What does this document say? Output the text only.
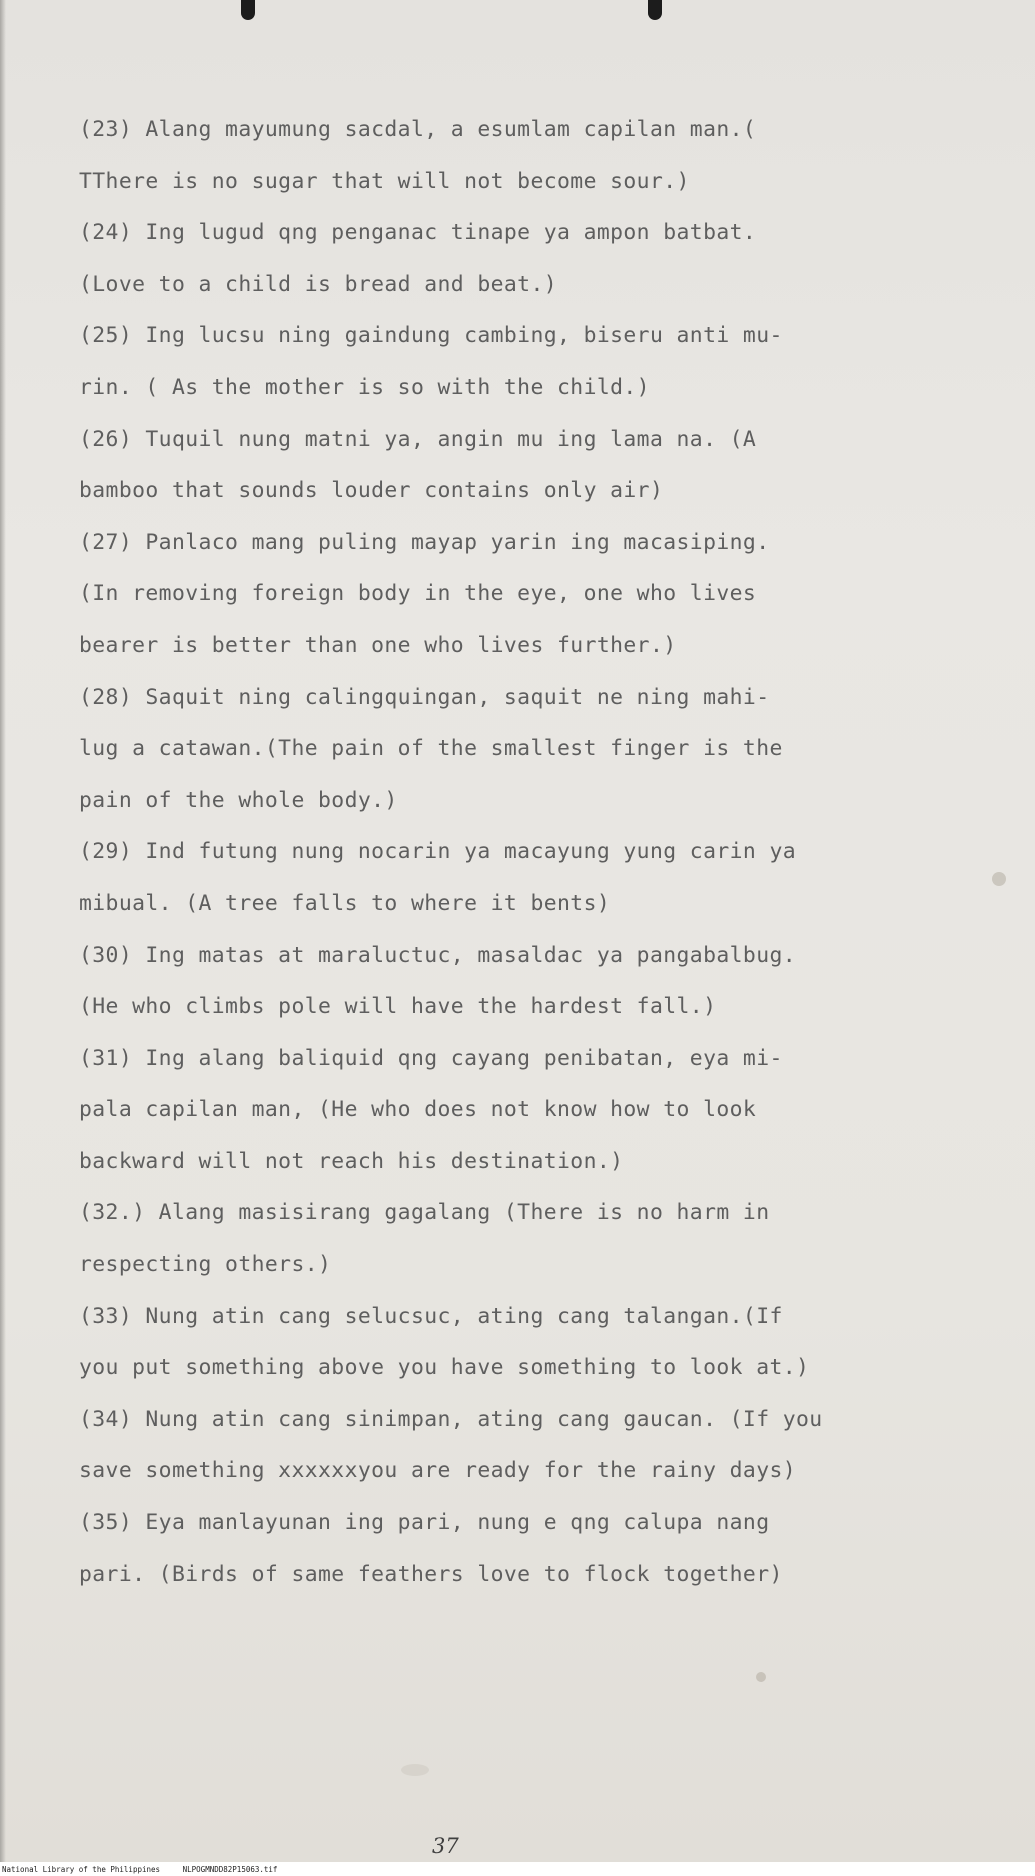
(23) Alang mayumung sacdal, a esumlam capilan man.(
TThere is no sugar that will not become sour.)
(24) Ing lugud qng penganac tinape ya ampon batbat.
(Love to a child is bread and beat.)
(25) Ing lucsu ning gaindung cambing, biseru anti mu-
rin. ( As the mother is so with the child.)
(26) Tuquil nung matni ya, angin mu ing lama na. (A
bamboo that sounds louder contains only air)
(27) Panlaco mang puling mayap yarin ing macasiping.
(In removing foreign body in the eye, one who lives
bearer is better than one who lives further.)
(28) Saquit ning calingquingan, saquit ne ning mahi-
lug a catawan.(The pain of the smallest finger is the
pain of the whole body.)
(29) Ind futung nung nocarin ya macayung yung carin ya
mibual. (A tree falls to where it bents)
(30) Ing matas at maraluctuc, masaldac ya pangabalbug.
(He who climbs pole will have the hardest fall.)
(31) Ing alang baliquid qng cayang penibatan, eya mi-
pala capilan man, (He who does not know how to look
backward will not reach his destination.)
(32.) Alang masisirang gagalang (There is no harm in
respecting others.)
(33) Nung atin cang selucsuc, ating cang talangan.(If
you put something above you have something to look at.)
(34) Nung atin cang sinimpan, ating cang gaucan. (If you
save something xxxxxxyou are ready for the rainy days)
(35) Eya manlayunan ing pari, nung e qng calupa nang
pari. (Birds of same feathers love to flock together)
37
National Library of the Philippines     NLPOGMNDD82P15063.tif
